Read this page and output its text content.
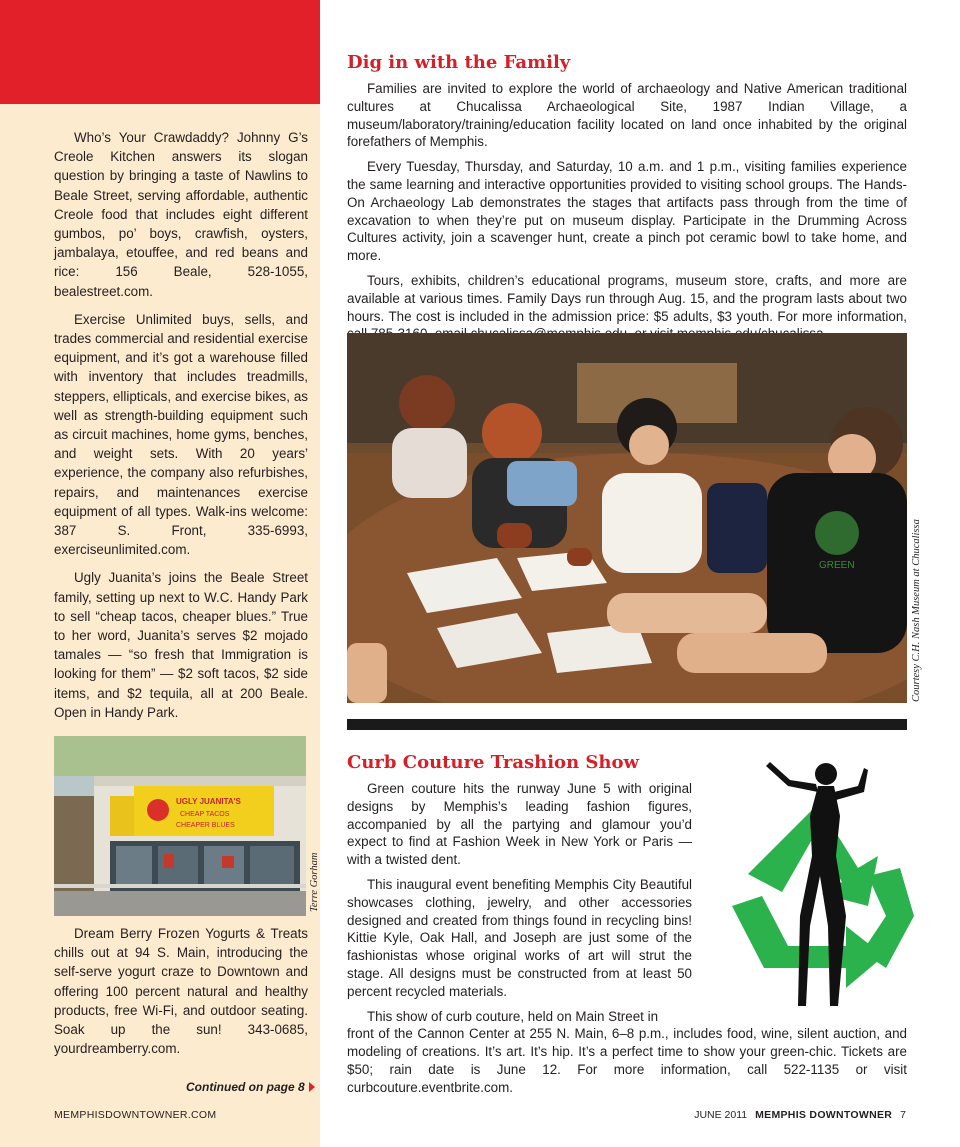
Who’s Your Crawdaddy? Johnny G’s Creole Kitchen answers its slogan question by bringing a taste of Nawlins to Beale Street, serving affordable, authentic Creole food that includes eight different gumbos, po’ boys, crawfish, oysters, jambalaya, etouffee, and red beans and rice: 156 Beale, 528-1055, bealestreet.com.

Exercise Unlimited buys, sells, and trades commercial and residential exercise equipment, and it’s got a warehouse filled with inventory that includes treadmills, steppers, ellipticals, and exercise bikes, as well as strength-building equipment such as circuit machines, home gyms, benches, and weight sets. With 20 years’ experience, the company also refurbishes, repairs, and maintenances exercise equipment of all types. Walk-ins welcome: 387 S. Front, 335-6993, exerciseunlimited.com.

Ugly Juanita’s joins the Beale Street family, setting up next to W.C. Handy Park to sell “cheap tacos, cheaper blues.” True to her word, Juanita’s serves $2 mojado tamales — “so fresh that Immigration is looking for them” — $2 soft tacos, $2 side items, and $2 tequila, all at 200 Beale. Open in Handy Park.

UGLY JUANITA'S
CHEAP TACOS
CHEAPER BLUES
Terre Gorham

Dream Berry Frozen Yogurts & Treats chills out at 94 S. Main, introducing the self-serve yogurt craze to Downtown and offering 100 percent natural and healthy products, free Wi-Fi, and outdoor seating. Soak up the sun! 343-0685, yourdreamberry.com.

Continued on page 8
Dig in with the Family

Families are invited to explore the world of archaeology and Native American traditional cultures at Chucalissa Archaeological Site, 1987 Indian Village, a museum/laboratory/training/education facility located on land once inhabited by the original forefathers of Memphis.

Every Tuesday, Thursday, and Saturday, 10 a.m. and 1 p.m., visiting families experience the same learning and interactive opportunities provided to visiting school groups. The Hands-On Archaeology Lab demonstrates the stages that artifacts pass through from the time of excavation to when they’re put on museum display. Participate in the Drumming Across Cultures activity, join a scavenger hunt, create a pinch pot ceramic bowl to take home, and more.

Tours, exhibits, children’s educational programs, museum store, crafts, and more are available at various times. Family Days run through Aug. 15, and the program lasts about two hours. The cost is included in the admission price: $5 adults, $3 youth. For more information,

GREEN	Courtesy C.H. Nash Museum at Chucalissa
Curb Couture Trashion Show

Green couture hits the runway June 5 with original designs by Memphis’s leading fashion figures, accompanied by all the partying and glamour you’d expect to find at Fashion Week in New York or Paris — with a twisted dent.

This inaugural event benefiting Memphis City Beautiful showcases clothing, jewelry, and other accessories designed and created from things found in recycling bins! Kittie Kyle, Oak Hall, and Joseph are just some of the fashionistas whose original works of art will strut the stage. All designs must be constructed from at least 50 percent recycled materials.

This show of curb couture, held on Main Street in

front of the Cannon Center at 255 N. Main, 6–8 p.m., includes food, wine, silent auction, and modeling of creations. It’s art. It’s hip. It’s a perfect time to show your green-chic. Tickets are $50; rain date is June 12. For more information, call 522-1135 or visit curbcouture.eventbrite.com.

MEMPHISDOWNTOWNER.COM	JUNE 2011 MEMPHIS DOWNTOWNER 7
